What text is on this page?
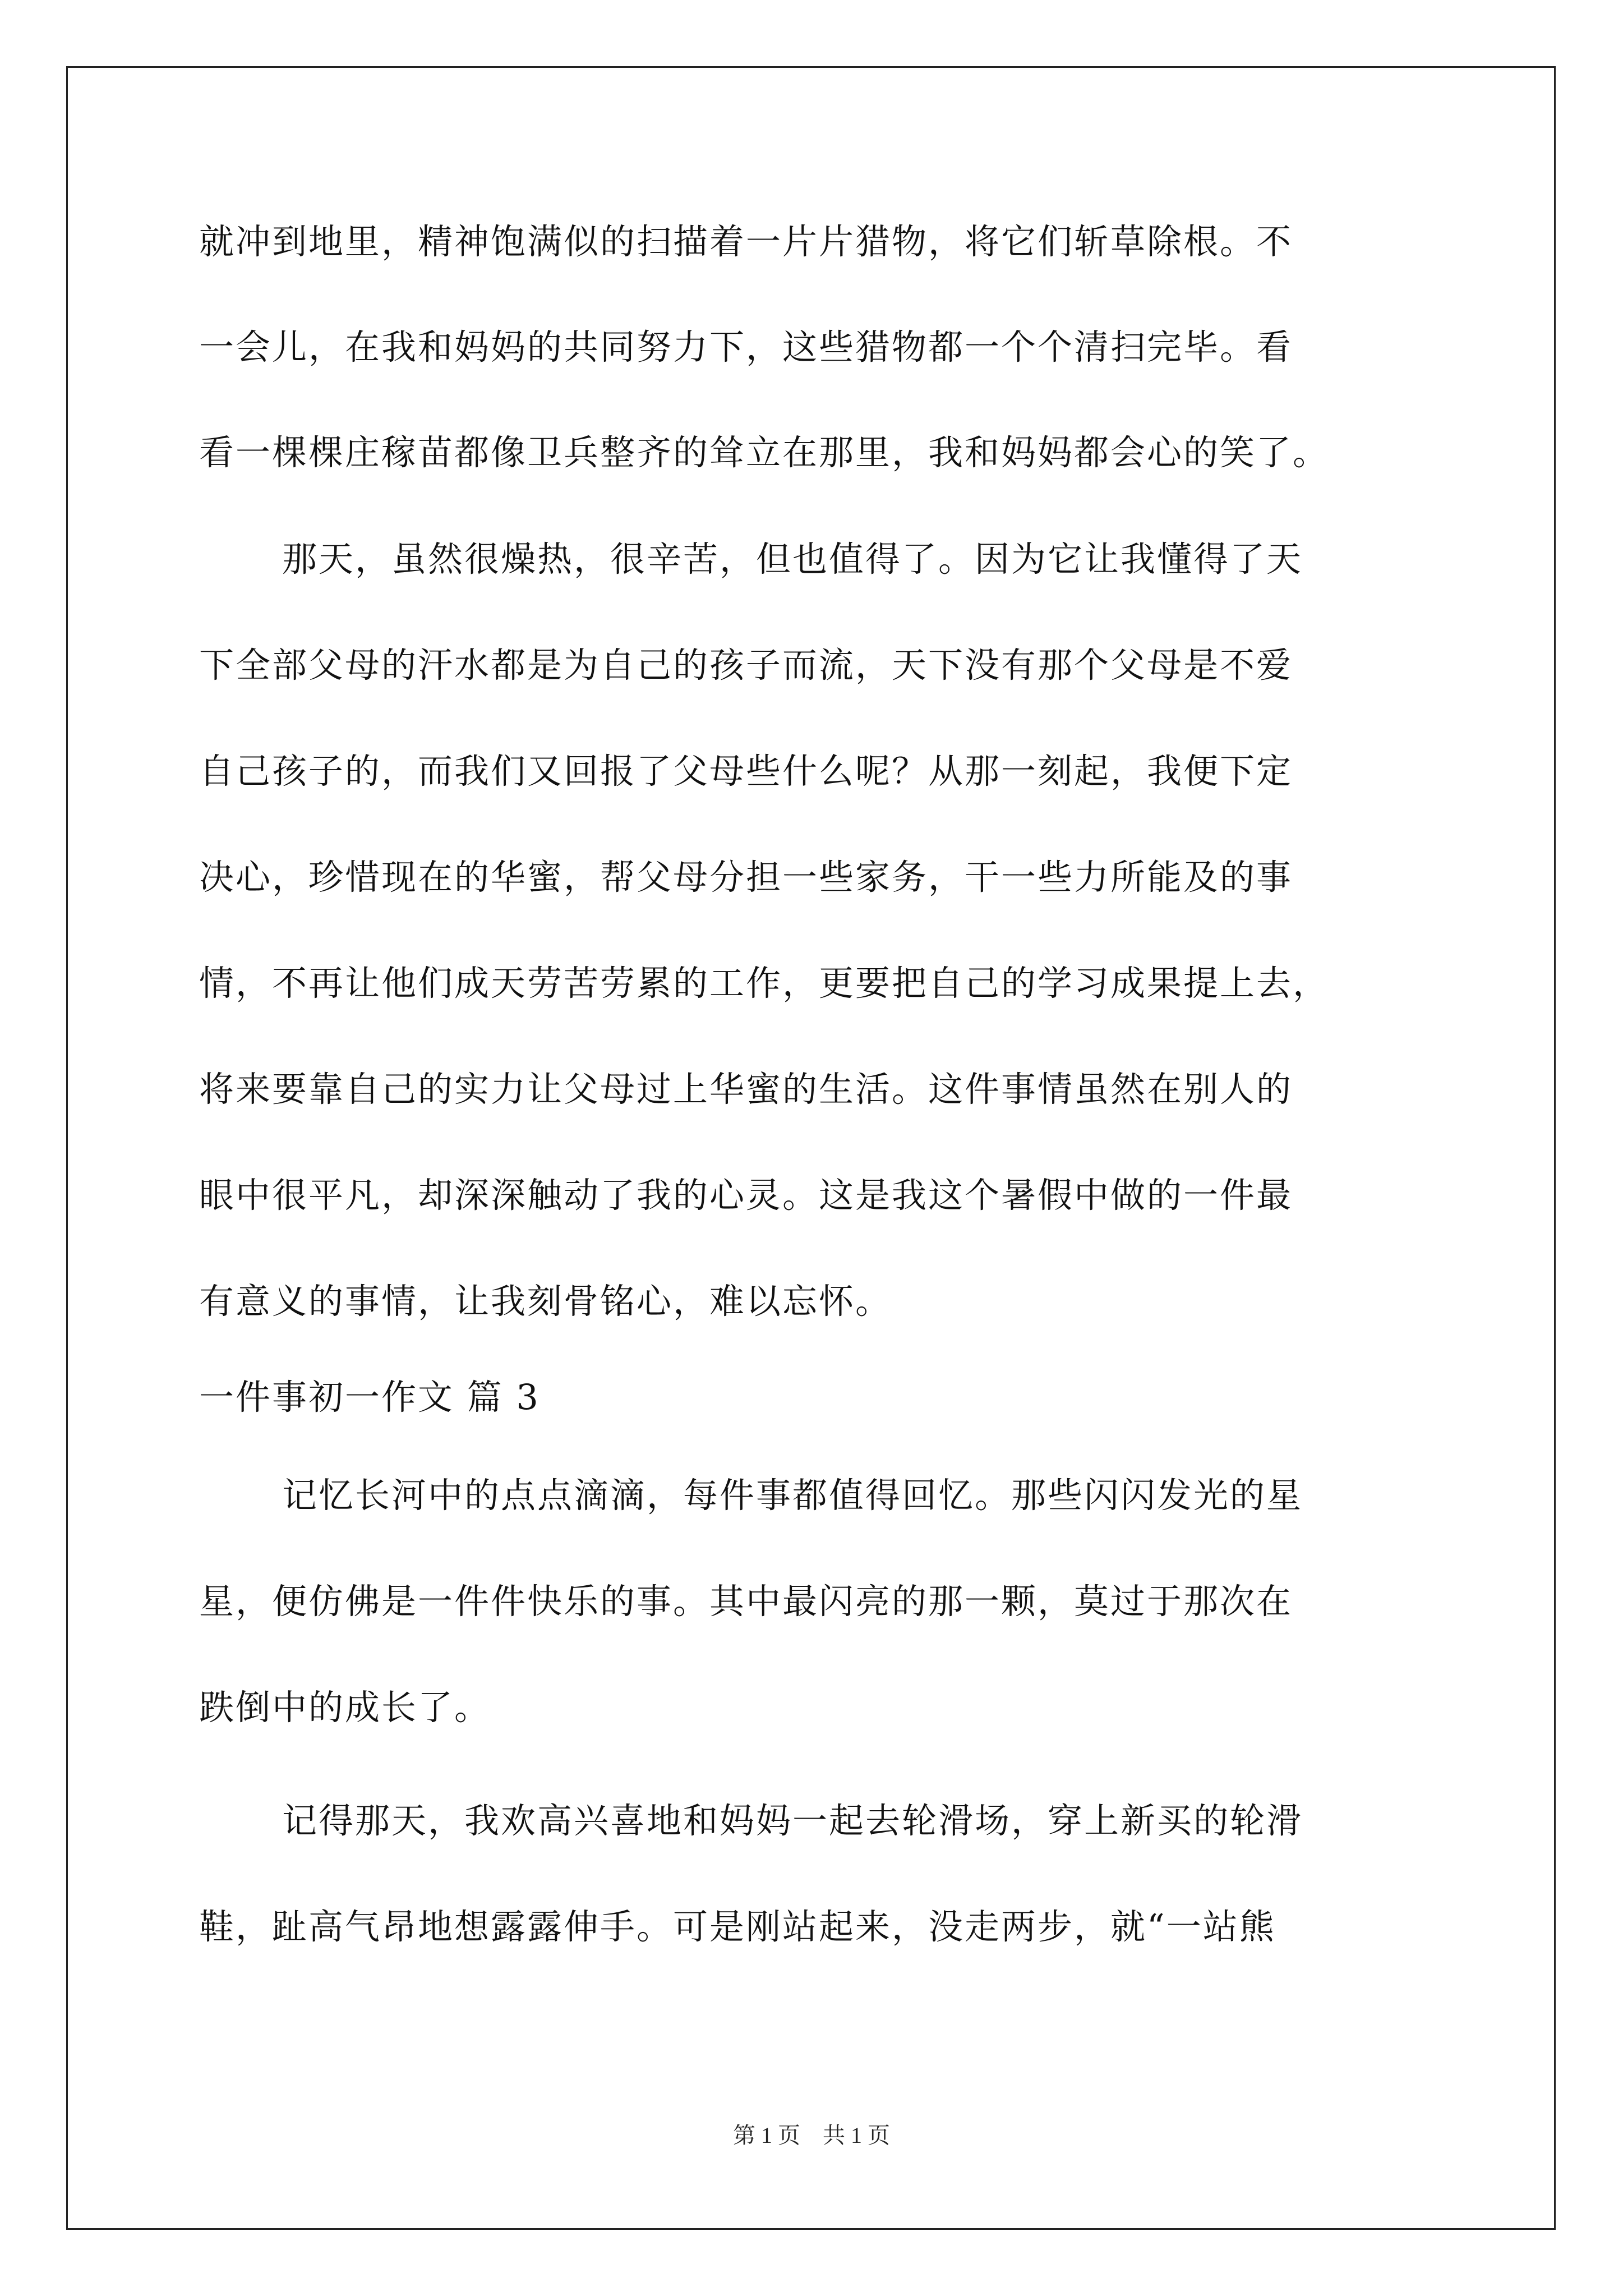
就冲到地里，精神饱满似的扫描着一片片猎物，将它们斩草除根。不
一会儿，在我和妈妈的共同努力下，这些猎物都一个个清扫完毕。看
看一棵棵庄稼苗都像卫兵整齐的耸立在那里，我和妈妈都会心的笑了。
那天，虽然很燥热，很辛苦，但也值得了。因为它让我懂得了天
下全部父母的汗水都是为自己的孩子而流，天下没有那个父母是不爱
自己孩子的，而我们又回报了父母些什么呢？从那一刻起，我便下定
决心，珍惜现在的华蜜，帮父母分担一些家务，干一些力所能及的事
情，不再让他们成天劳苦劳累的工作，更要把自己的学习成果提上去，
将来要靠自己的实力让父母过上华蜜的生活。这件事情虽然在别人的
眼中很平凡，却深深触动了我的心灵。这是我这个暑假中做的一件最
有意义的事情，让我刻骨铭心，难以忘怀。
一件事初一作文 篇 3
记忆长河中的点点滴滴，每件事都值得回忆。那些闪闪发光的星
星，便仿佛是一件件快乐的事。其中最闪亮的那一颗，莫过于那次在
跌倒中的成长了。
记得那天，我欢高兴喜地和妈妈一起去轮滑场，穿上新买的轮滑
鞋，趾高气昂地想露露伸手。可是刚站起来，没走两步，就“一站熊
第 1 页    共 1 页
